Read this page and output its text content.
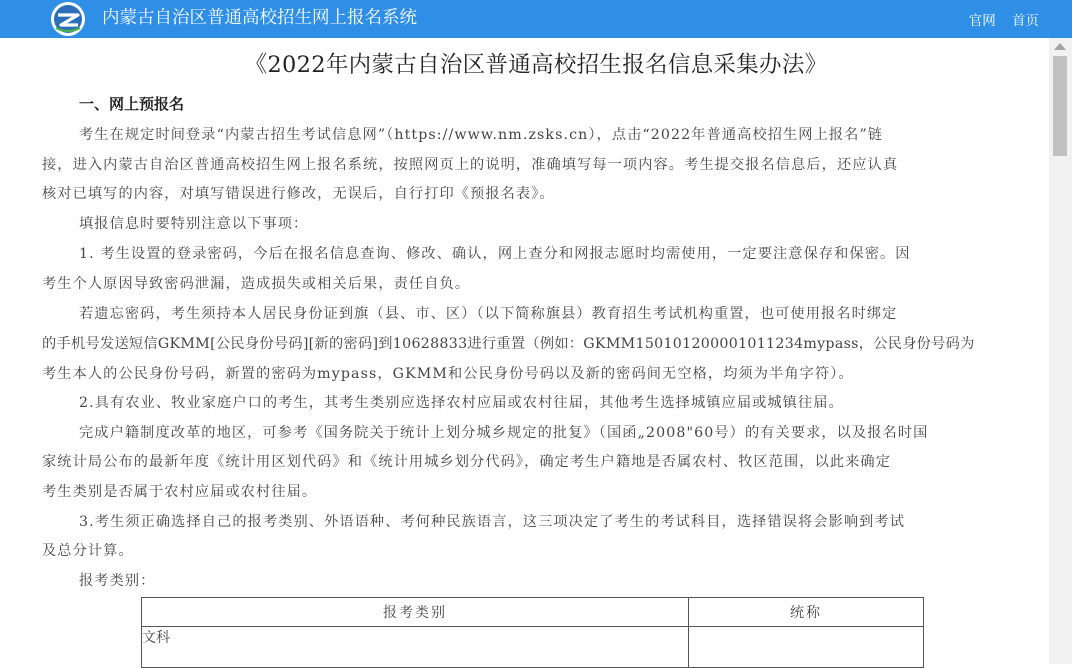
内蒙古自治区普通高校招生网上报名系统	官网 首页
《2022年内蒙古自治区普通高校招生报名信息采集办法》
一、网上预报名
考生在规定时间登录“内蒙古招生考试信息网”（https://www.nm.zsks.cn），点击“2022年普通高校招生网上报名”链
接，进入内蒙古自治区普通高校招生网上报名系统，按照网页上的说明，准确填写每一项内容。考生提交报名信息后，还应认真
核对已填写的内容，对填写错误进行修改，无误后，自行打印《预报名表》。
填报信息时要特别注意以下事项：
1. 考生设置的登录密码，今后在报名信息查询、修改、确认，网上查分和网报志愿时均需使用，一定要注意保存和保密。因
考生个人原因导致密码泄漏，造成损失或相关后果，责任自负。
若遗忘密码，考生须持本人居民身份证到旗（县、市、区）（以下简称旗县）教育招生考试机构重置，也可使用报名时绑定
的手机号发送短信GKMM[公民身份号码][新的密码]到10628833进行重置（例如：GKMM150101200001011234mypass，公民身份号码为
考生本人的公民身份号码，新置的密码为mypass，GKMM和公民身份号码以及新的密码间无空格，均须为半角字符）。
2.具有农业、牧业家庭户口的考生，其考生类别应选择农村应届或农村往届，其他考生选择城镇应届或城镇往届。
完成户籍制度改革的地区，可参考《国务院关于统计上划分城乡规定的批复》（国函„2008"60号）的有关要求，以及报名时国
家统计局公布的最新年度《统计用区划代码》和《统计用城乡划分代码》，确定考生户籍地是否属农村、牧区范围，以此来确定
考生类别是否属于农村应届或农村往届。
3.考生须正确选择自己的报考类别、外语语种、考何种民族语言，这三项决定了考生的考试科目，选择错误将会影响到考试
及总分计算。
报考类别：
报考类别	统称
文科	
